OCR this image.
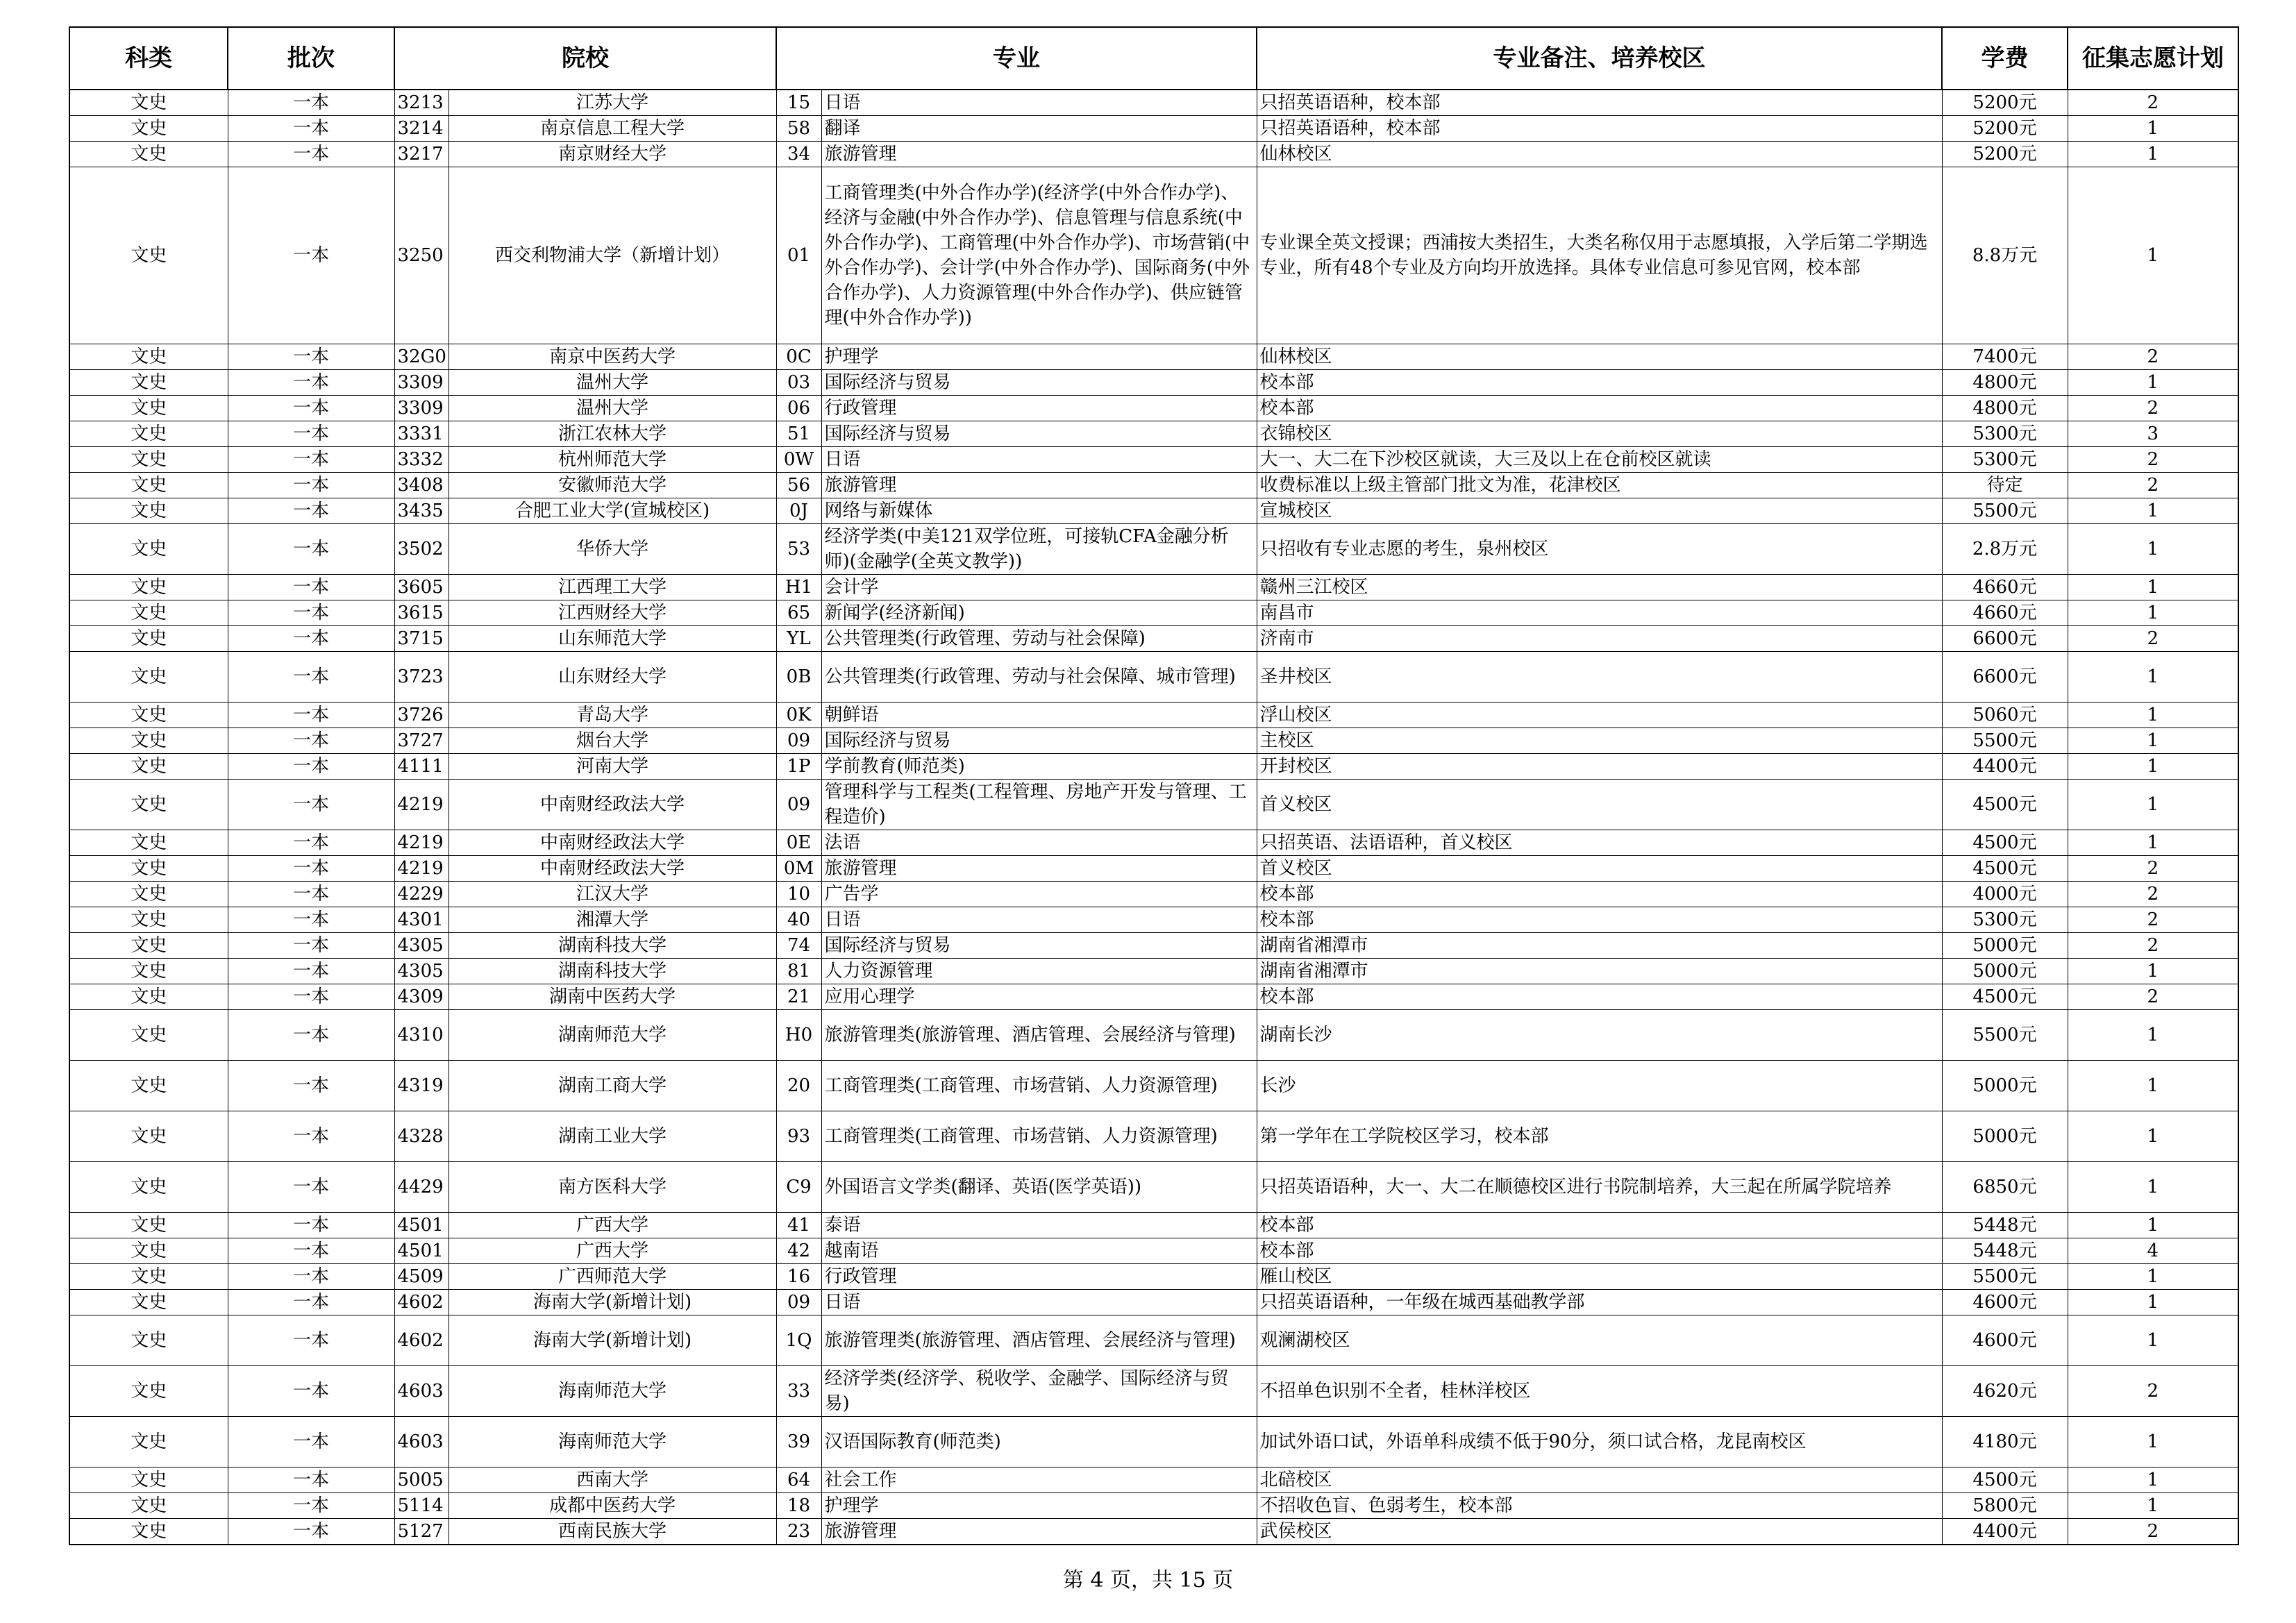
科类	批次	院校		专业		专业备注、培养校区	学费	征集志愿计划
文史	一本	3213	江苏大学	15	日语	只招英语语种，校本部	5200元	2
文史	一本	3214	南京信息工程大学	58	翻译	只招英语语种，校本部	5200元	1
文史	一本	3217	南京财经大学	34	旅游管理	仙林校区	5200元	1
文史	一本	3250	西交利物浦大学（新增计划）	01	工商管理类(中外合作办学)(经济学(中外合作办学)、经济与金融(中外合作办学)、信息管理与信息系统(中外合作办学)、工商管理(中外合作办学)、市场营销(中外合作办学)、会计学(中外合作办学)、国际商务(中外合作办学)、人力资源管理(中外合作办学)、供应链管理(中外合作办学))	专业课全英文授课；西浦按大类招生，大类名称仅用于志愿填报，入学后第二学期选专业，所有48个专业及方向均开放选择。具体专业信息可参见官网，校本部	8.8万元	1
文史	一本	32G0	南京中医药大学	0C	护理学	仙林校区	7400元	2
文史	一本	3309	温州大学	03	国际经济与贸易	校本部	4800元	1
文史	一本	3309	温州大学	06	行政管理	校本部	4800元	2
文史	一本	3331	浙江农林大学	51	国际经济与贸易	衣锦校区	5300元	3
文史	一本	3332	杭州师范大学	0W	日语	大一、大二在下沙校区就读，大三及以上在仓前校区就读	5300元	2
文史	一本	3408	安徽师范大学	56	旅游管理	收费标准以上级主管部门批文为准，花津校区	待定	2
文史	一本	3435	合肥工业大学(宣城校区)	0J	网络与新媒体	宣城校区	5500元	1
文史	一本	3502	华侨大学	53	经济学类(中美121双学位班，可接轨CFA金融分析师)(金融学(全英文教学))	只招收有专业志愿的考生，泉州校区	2.8万元	1
文史	一本	3605	江西理工大学	H1	会计学	赣州三江校区	4660元	1
文史	一本	3615	江西财经大学	65	新闻学(经济新闻)	南昌市	4660元	1
文史	一本	3715	山东师范大学	YL	公共管理类(行政管理、劳动与社会保障)	济南市	6600元	2
文史	一本	3723	山东财经大学	0B	公共管理类(行政管理、劳动与社会保障、城市管理)	圣井校区	6600元	1
文史	一本	3726	青岛大学	0K	朝鲜语	浮山校区	5060元	1
文史	一本	3727	烟台大学	09	国际经济与贸易	主校区	5500元	1
文史	一本	4111	河南大学	1P	学前教育(师范类)	开封校区	4400元	1
文史	一本	4219	中南财经政法大学	09	管理科学与工程类(工程管理、房地产开发与管理、工程造价)	首义校区	4500元	1
文史	一本	4219	中南财经政法大学	0E	法语	只招英语、法语语种，首义校区	4500元	1
文史	一本	4219	中南财经政法大学	0M	旅游管理	首义校区	4500元	2
文史	一本	4229	江汉大学	10	广告学	校本部	4000元	2
文史	一本	4301	湘潭大学	40	日语	校本部	5300元	2
文史	一本	4305	湖南科技大学	74	国际经济与贸易	湖南省湘潭市	5000元	2
文史	一本	4305	湖南科技大学	81	人力资源管理	湖南省湘潭市	5000元	1
文史	一本	4309	湖南中医药大学	21	应用心理学	校本部	4500元	2
文史	一本	4310	湖南师范大学	H0	旅游管理类(旅游管理、酒店管理、会展经济与管理)	湖南长沙	5500元	1
文史	一本	4319	湖南工商大学	20	工商管理类(工商管理、市场营销、人力资源管理)	长沙	5000元	1
文史	一本	4328	湖南工业大学	93	工商管理类(工商管理、市场营销、人力资源管理)	第一学年在工学院校区学习，校本部	5000元	1
文史	一本	4429	南方医科大学	C9	外国语言文学类(翻译、英语(医学英语))	只招英语语种，大一、大二在顺德校区进行书院制培养，大三起在所属学院培养	6850元	1
文史	一本	4501	广西大学	41	泰语	校本部	5448元	1
文史	一本	4501	广西大学	42	越南语	校本部	5448元	4
文史	一本	4509	广西师范大学	16	行政管理	雁山校区	5500元	1
文史	一本	4602	海南大学(新增计划)	09	日语	只招英语语种，一年级在城西基础教学部	4600元	1
文史	一本	4602	海南大学(新增计划)	1Q	旅游管理类(旅游管理、酒店管理、会展经济与管理)	观澜湖校区	4600元	1
文史	一本	4603	海南师范大学	33	经济学类(经济学、税收学、金融学、国际经济与贸易)	不招单色识别不全者，桂林洋校区	4620元	2
文史	一本	4603	海南师范大学	39	汉语国际教育(师范类)	加试外语口试，外语单科成绩不低于90分，须口试合格，龙昆南校区	4180元	1
文史	一本	5005	西南大学	64	社会工作	北碚校区	4500元	1
文史	一本	5114	成都中医药大学	18	护理学	不招收色盲、色弱考生，校本部	5800元	1
文史	一本	5127	西南民族大学	23	旅游管理	武侯校区	4400元	2
第 4 页，共 15 页
